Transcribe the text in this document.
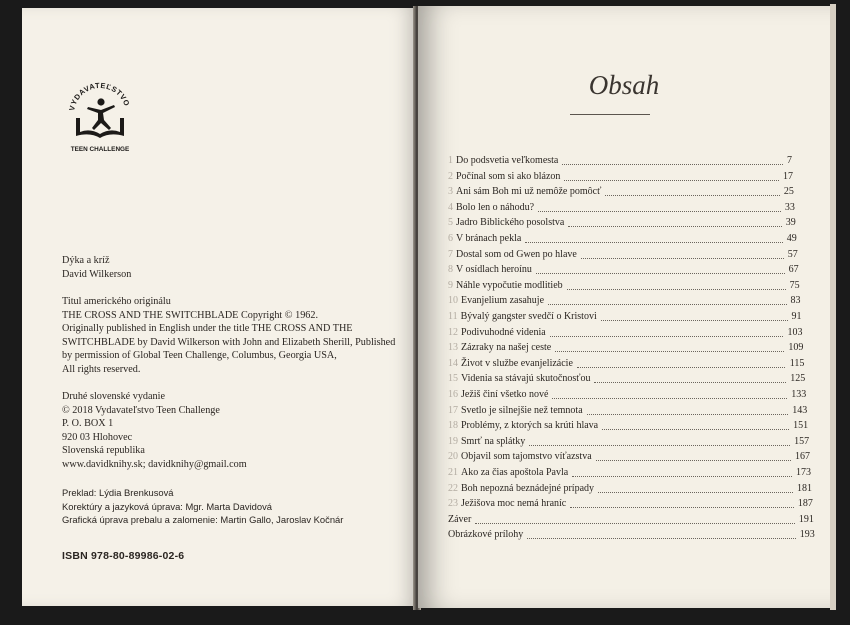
VYDAVATEĽSTVO
TEEN CHALLENGE
Dýka a kríž
David Wilkerson
Titul amerického originálu
THE CROSS AND THE SWITCHBLADE Copyright © 1962.
Originally published in English under the title THE CROSS AND THE
SWITCHBLADE by David Wilkerson with John and Elizabeth Sherill, Published
by permission of Global Teen Challenge, Columbus, Georgia USA,
All rights reserved.
Druhé slovenské vydanie
© 2018 Vydavateľstvo Teen Challenge
P. O. BOX 1
920 03 Hlohovec
Slovenská republika
www.davidknihy.sk; davidknihy@gmail.com
Preklad: Lýdia Brenkusová
Korektúry a jazyková úprava: Mgr. Marta Davidová
Grafická úprava prebalu a zalomenie: Martin Gallo, Jaroslav Kočnár
ISBN 978-80-89986-02-6
Obsah
1 Do podsvetia veľkomesta	7
2 Počínal som si ako blázon	17
3 Ani sám Boh mi už nemôže pomôcť	25
4 Bolo len o náhodu?	33
5 Jadro Biblického posolstva	39
6 V bránach pekla	49
7 Dostal som od Gwen po hlave	57
8 V osídlach heroínu	67
9 Náhle vypočutie modlitieb	75
10 Evanjelium zasahuje	83
11 Bývalý gangster svedčí o Kristovi	91
12 Podivuhodné videnia	103
13 Zázraky na našej ceste	109
14 Život v službe evanjelizácie	115
15 Videnia sa stávajú skutočnosťou	125
16 Ježiš činí všetko nové	133
17 Svetlo je silnejšie než temnota	143
18 Problémy, z ktorých sa krúti hlava	151
19 Smrť na splátky	157
20 Objavil som tajomstvo víťazstva	167
21 Ako za čias apoštola Pavla	173
22 Boh nepozná beznádejné prípady	181
23 Ježišova moc nemá hraníc	187
Záver	191
Obrázkové prílohy	193
